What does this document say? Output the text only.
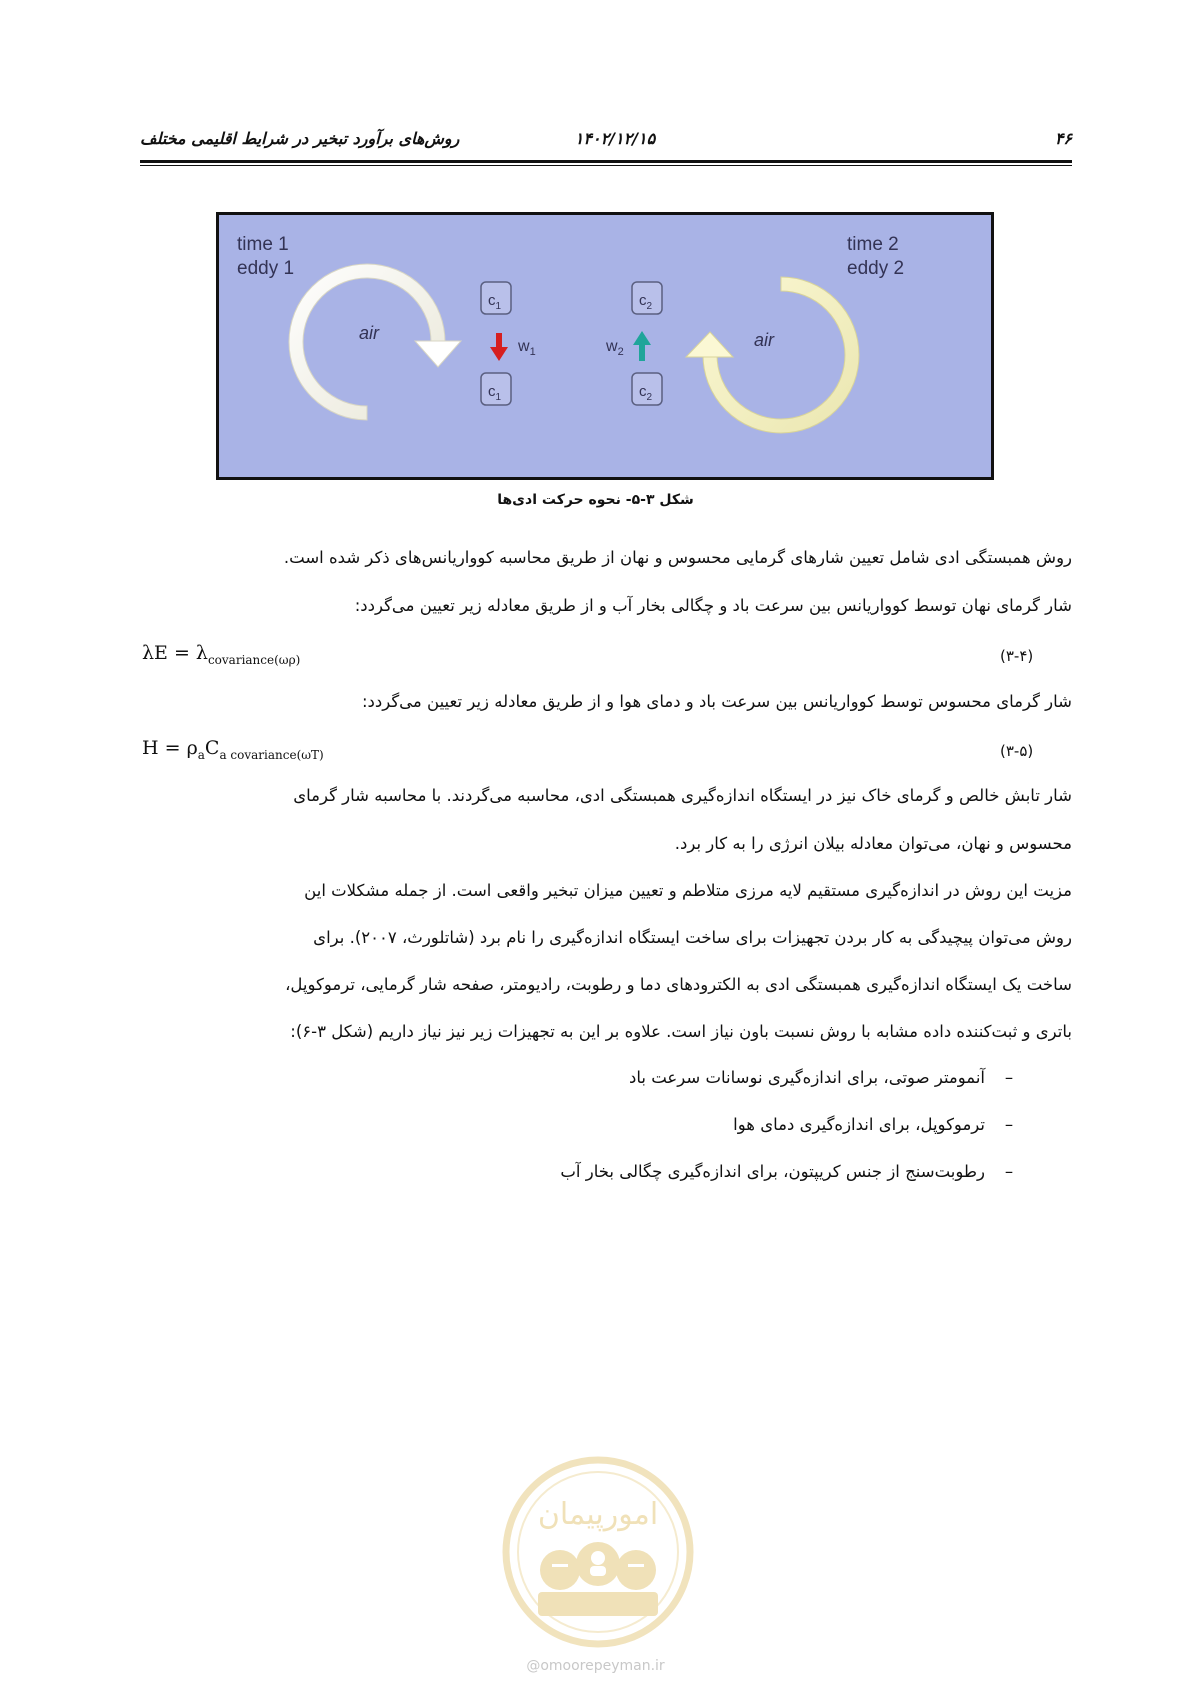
۴۶
۱۴۰۲/۱۲/۱۵
روش‌های برآورد تبخیر در شرایط اقلیمی مختلف
time 1
eddy 1
time 2
eddy 2
air	air
$c_1$
$c_1$
$c_2$
$c_2$
$w_1$	$w_2$
شکل ۳-۵- نحوه حرکت ادی‌ها
روش همبستگی ادی شامل تعیین شارهای گرمایی محسوس و نهان از طریق محاسبه کوواریانس‌های ذکر شده است.
شار گرمای نهان توسط کوواریانس بین سرعت باد و چگالی بخار آب و از طریق معادله زیر تعیین می‌گردد:
$\lambda E = \lambda_{covariance(\omega\rho)}$	(۳-۴)
شار گرمای محسوس توسط کوواریانس بین سرعت باد و دمای هوا و از طریق معادله زیر تعیین می‌گردد:
$H = \rho_aC_{a covariance(\omega T)}$	(۳-۵)
شار تابش خالص و گرمای خاک نیز در ایستگاه اندازه‌گیری همبستگی ادی، محاسبه می‌گردند. با محاسبه شار گرمای
محسوس و نهان، می‌توان معادله بیلان انرژی را به کار برد.
مزیت این روش در اندازه‌گیری مستقیم لایه مرزی متلاطم و تعیین میزان تبخیر واقعی است. از جمله مشکلات این
روش می‌توان پیچیدگی به کار بردن تجهیزات برای ساخت ایستگاه اندازه‌گیری را نام برد (شاتلورث، ۲۰۰۷). برای
ساخت یک ایستگاه اندازه‌گیری همبستگی ادی به الکترودهای دما و رطوبت، رادیومتر، صفحه شار گرمایی، ترموکوپل،
باتری و ثبت‌کننده داده مشابه با روش نسبت باون نیاز است. علاوه بر این به تجهیزات زیر نیز نیاز داریم (شکل ۳-۶):
–آنمومتر صوتی، برای اندازه‌گیری نوسانات سرعت باد
–ترموکوپل، برای اندازه‌گیری دمای هوا
–رطوبت‌سنج از جنس کریپتون، برای اندازه‌گیری چگالی بخار آب
امورپیمان
@omoorepeyman.ir
